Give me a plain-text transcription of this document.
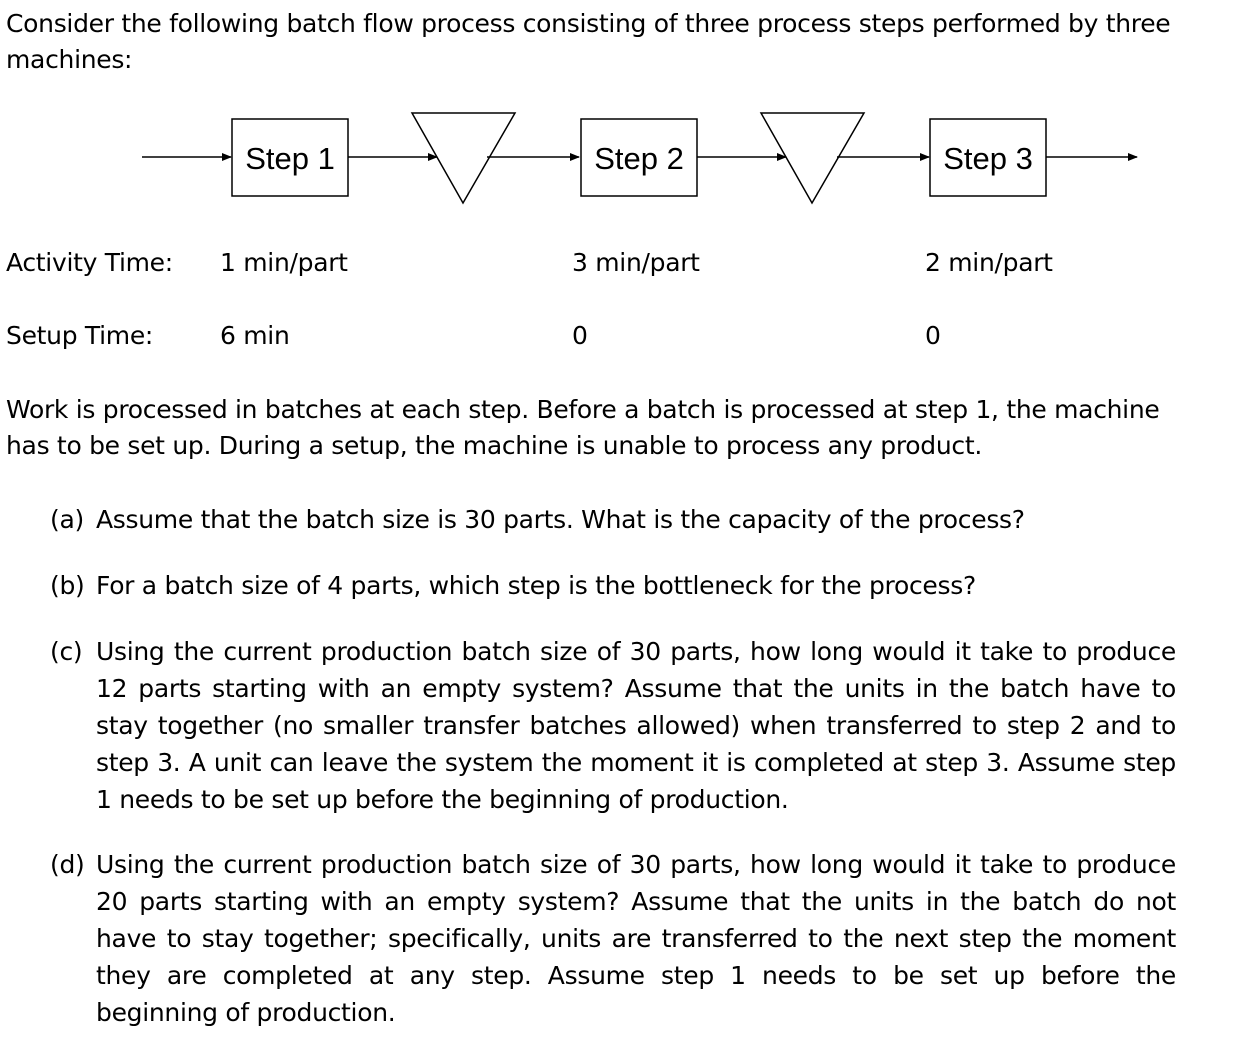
Consider the following batch flow process consisting of three process steps performed by three machines:

Step 1	Step 2	Step 3
Activity Time: 1 min/part	3 min/part	2 min/part
Setup Time:	6 min	0	0

Work is processed in batches at each step. Before a batch is processed at step 1, the machine has to be set up. During a setup, the machine is unable to process any product.

(a) Assume that the batch size is 30 parts. What is the capacity of the process?
(b) For a batch size of 4 parts, which step is the bottleneck for the process?
(c) Using the current production batch size of 30 parts, how long would it take to produce 12 parts starting with an empty system? Assume that the units in the batch have to stay together (no smaller transfer batches allowed) when transferred to step 2 and to step 3. A unit can leave the system the moment it is completed at step 3. Assume step 1 needs to be set up before the beginning of production.
(d) Using the current production batch size of 30 parts, how long would it take to produce 20 parts starting with an empty system? Assume that the units in the batch do not have to stay together; specifically, units are transferred to the next step the moment they are completed at any step. Assume step 1 needs to be set up before the beginning of production.
